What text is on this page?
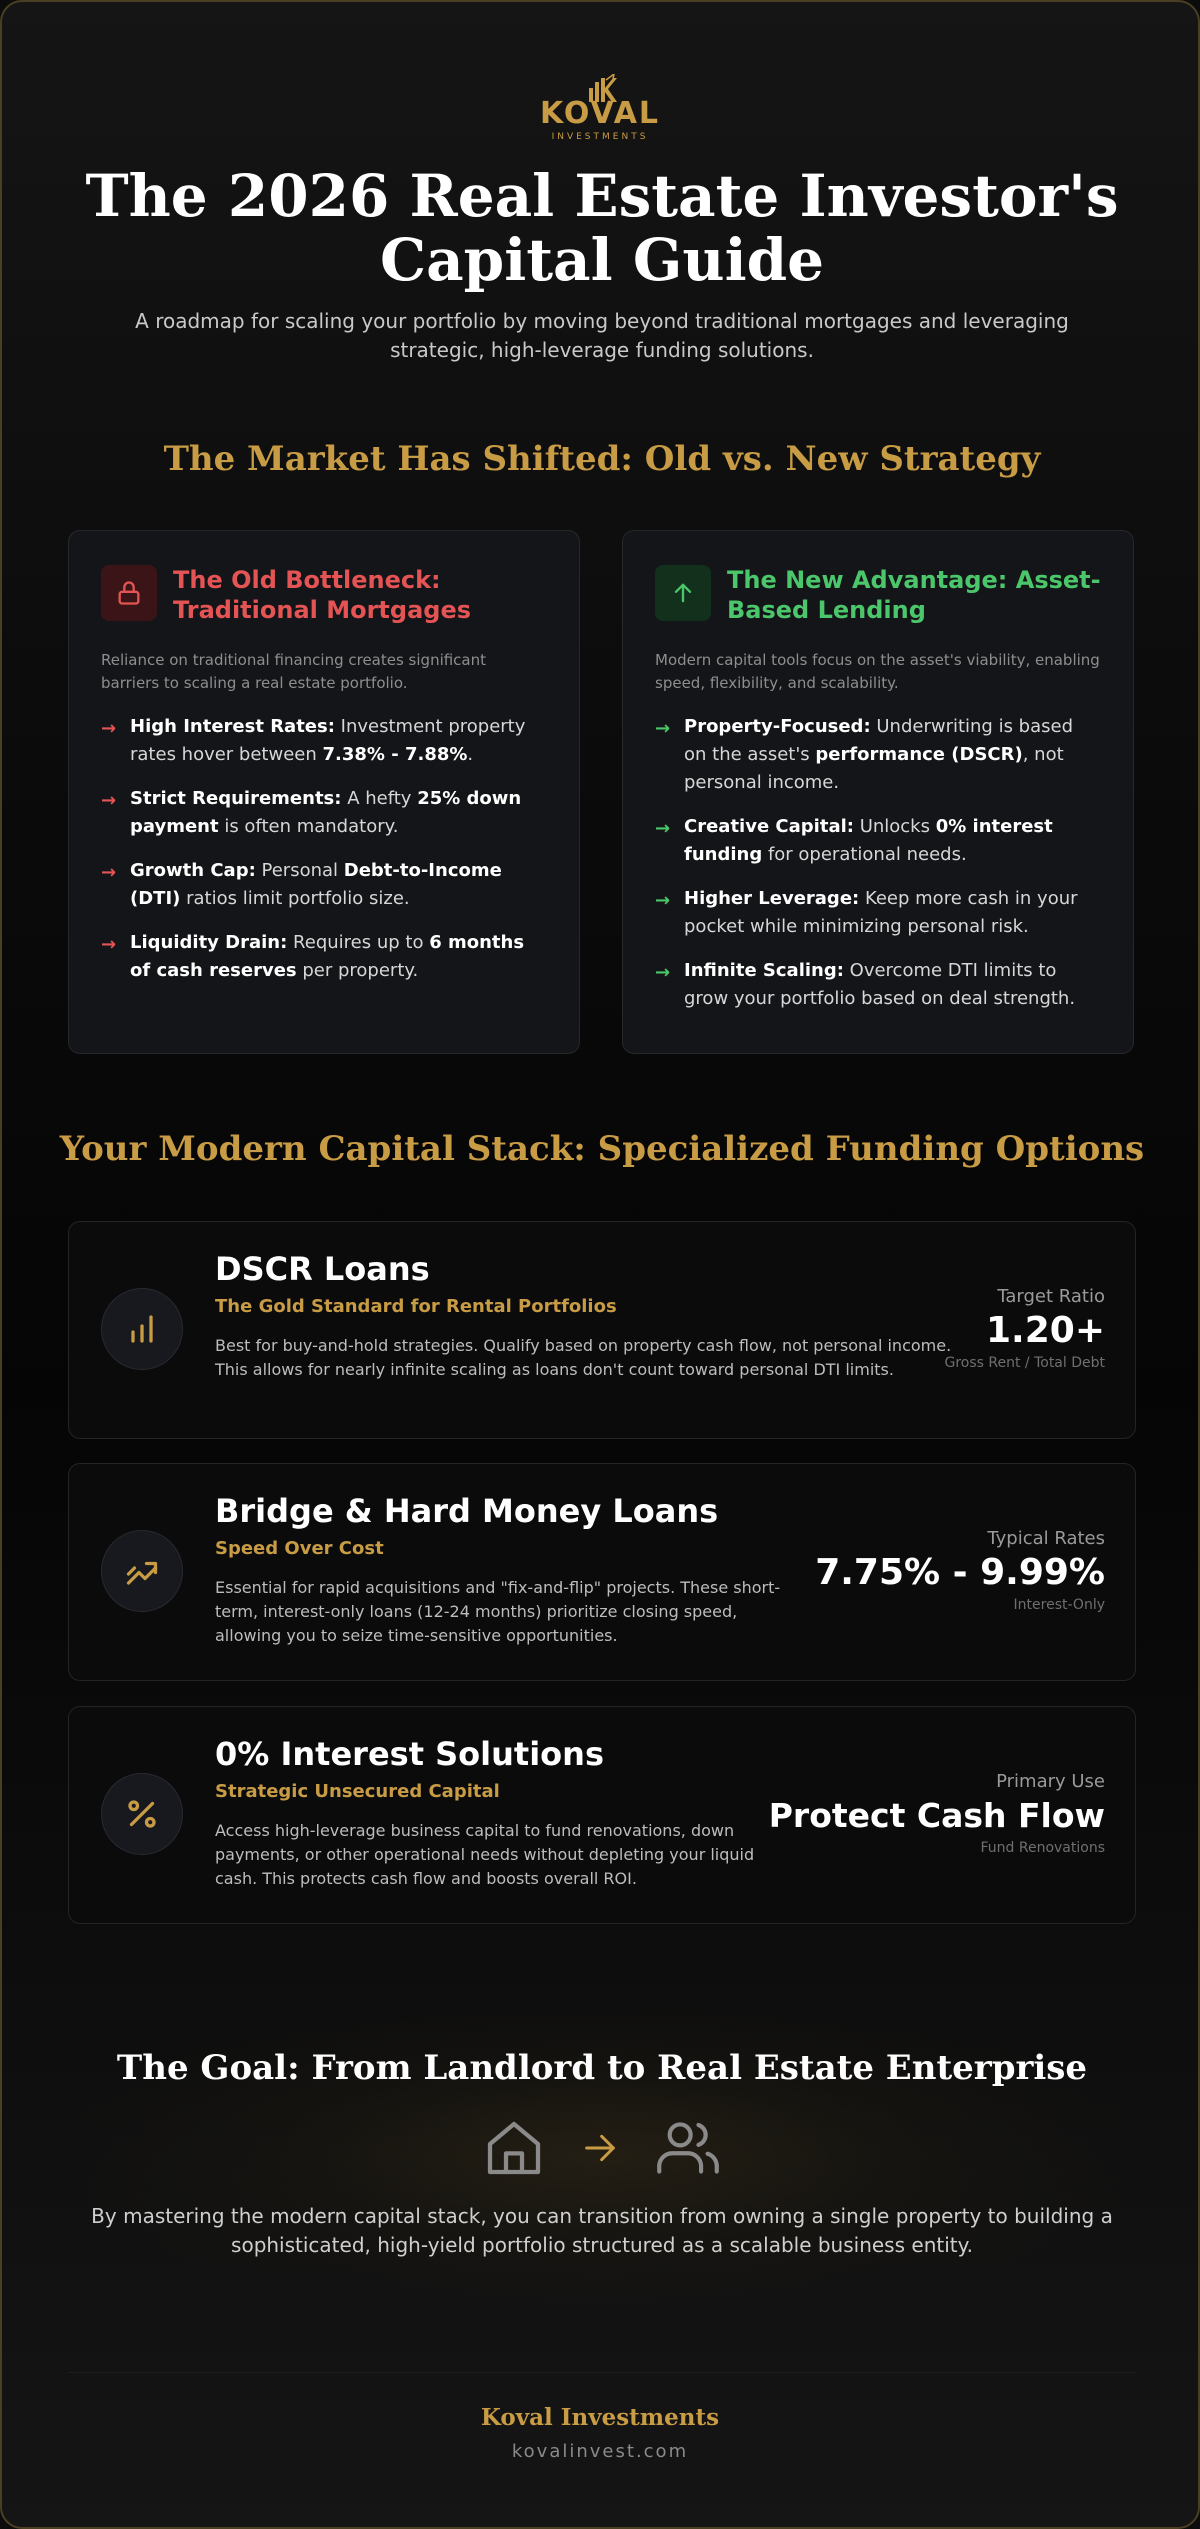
KOVAL
INVESTMENTS
The 2026 Real Estate Investor's Capital Guide

A roadmap for scaling your portfolio by moving beyond traditional mortgages and leveraging strategic, high-leverage funding solutions.

The Market Has Shifted: Old vs. New Strategy
The Old Bottleneck: Traditional Mortgages

Reliance on traditional financing creates significant barriers to scaling a real estate portfolio.

→ High Interest Rates: Investment property rates hover between 7.38% - 7.88%.
→ Strict Requirements: A hefty 25% down payment is often mandatory.
→ Growth Cap: Personal Debt-to-Income (DTI) ratios limit portfolio size.
→ Liquidity Drain: Requires up to 6 months of cash reserves per property.
The New Advantage: Asset-Based Lending

Modern capital tools focus on the asset's viability, enabling speed, flexibility, and scalability.

→ Property-Focused: Underwriting is based on the asset's performance (DSCR), not personal income.
→ Creative Capital: Unlocks 0% interest funding for operational needs.
→ Higher Leverage: Keep more cash in your pocket while minimizing personal risk.
→ Infinite Scaling: Overcome DTI limits to grow your portfolio based on deal strength.
Your Modern Capital Stack: Specialized Funding Options
DSCR Loans
The Gold Standard for Rental Portfolios
Best for buy-and-hold strategies. Qualify based on property cash flow, not personal income. This allows for nearly infinite scaling as loans don't count toward personal DTI limits.
Target Ratio
1.20+
Gross Rent / Total Debt
Bridge & Hard Money Loans
Speed Over Cost
Essential for rapid acquisitions and "fix-and-flip" projects. These short-term, interest-only loans (12-24 months) prioritize closing speed, allowing you to seize time-sensitive opportunities.
Typical Rates
7.75% - 9.99%
Interest-Only
0% Interest Solutions
Strategic Unsecured Capital
Access high-leverage business capital to fund renovations, down payments, or other operational needs without depleting your liquid cash. This protects cash flow and boosts overall ROI.
Primary Use
Protect Cash Flow
Fund Renovations
The Goal: From Landlord to Real Estate Enterprise

By mastering the modern capital stack, you can transition from owning a single property to building a sophisticated, high-yield portfolio structured as a scalable business entity.

Koval Investments
kovalinvest.com
